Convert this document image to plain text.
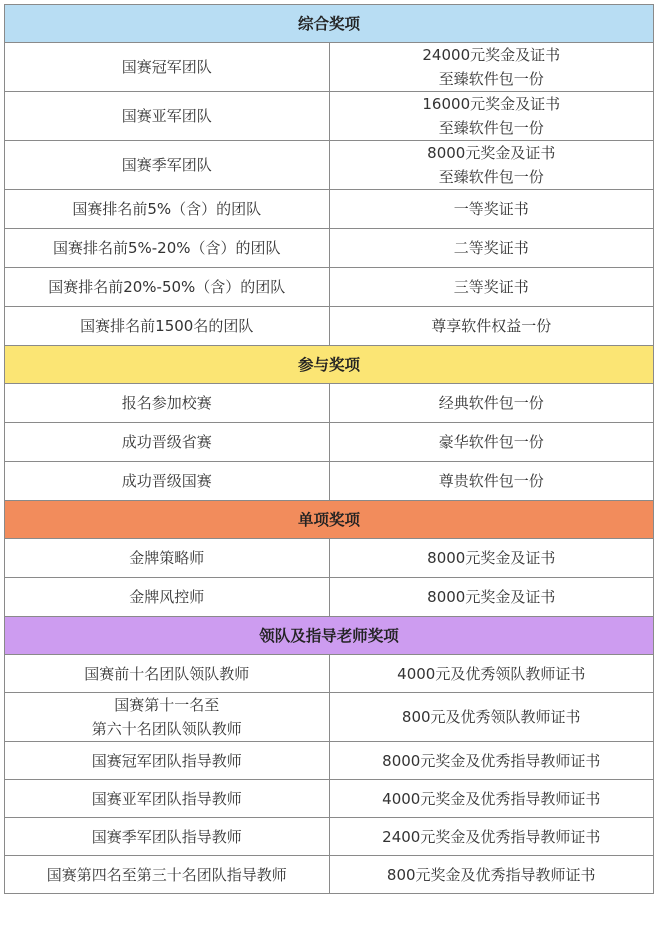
综合奖项	
国赛冠军团队	24000元奖金及证书
至臻软件包一份
国赛亚军团队	16000元奖金及证书
至臻软件包一份
国赛季军团队	8000元奖金及证书
至臻软件包一份
国赛排名前5%（含）的团队	一等奖证书
国赛排名前5%-20%（含）的团队	二等奖证书
国赛排名前20%-50%（含）的团队	三等奖证书
国赛排名前1500名的团队	尊享软件权益一份
参与奖项	
报名参加校赛	经典软件包一份
成功晋级省赛	豪华软件包一份
成功晋级国赛	尊贵软件包一份
单项奖项	
金牌策略师	8000元奖金及证书
金牌风控师	8000元奖金及证书
领队及指导老师奖项	
国赛前十名团队领队教师	4000元及优秀领队教师证书
国赛第十一名至
第六十名团队领队教师	800元及优秀领队教师证书
国赛冠军团队指导教师	8000元奖金及优秀指导教师证书
国赛亚军团队指导教师	4000元奖金及优秀指导教师证书
国赛季军团队指导教师	2400元奖金及优秀指导教师证书
国赛第四名至第三十名团队指导教师	800元奖金及优秀指导教师证书
